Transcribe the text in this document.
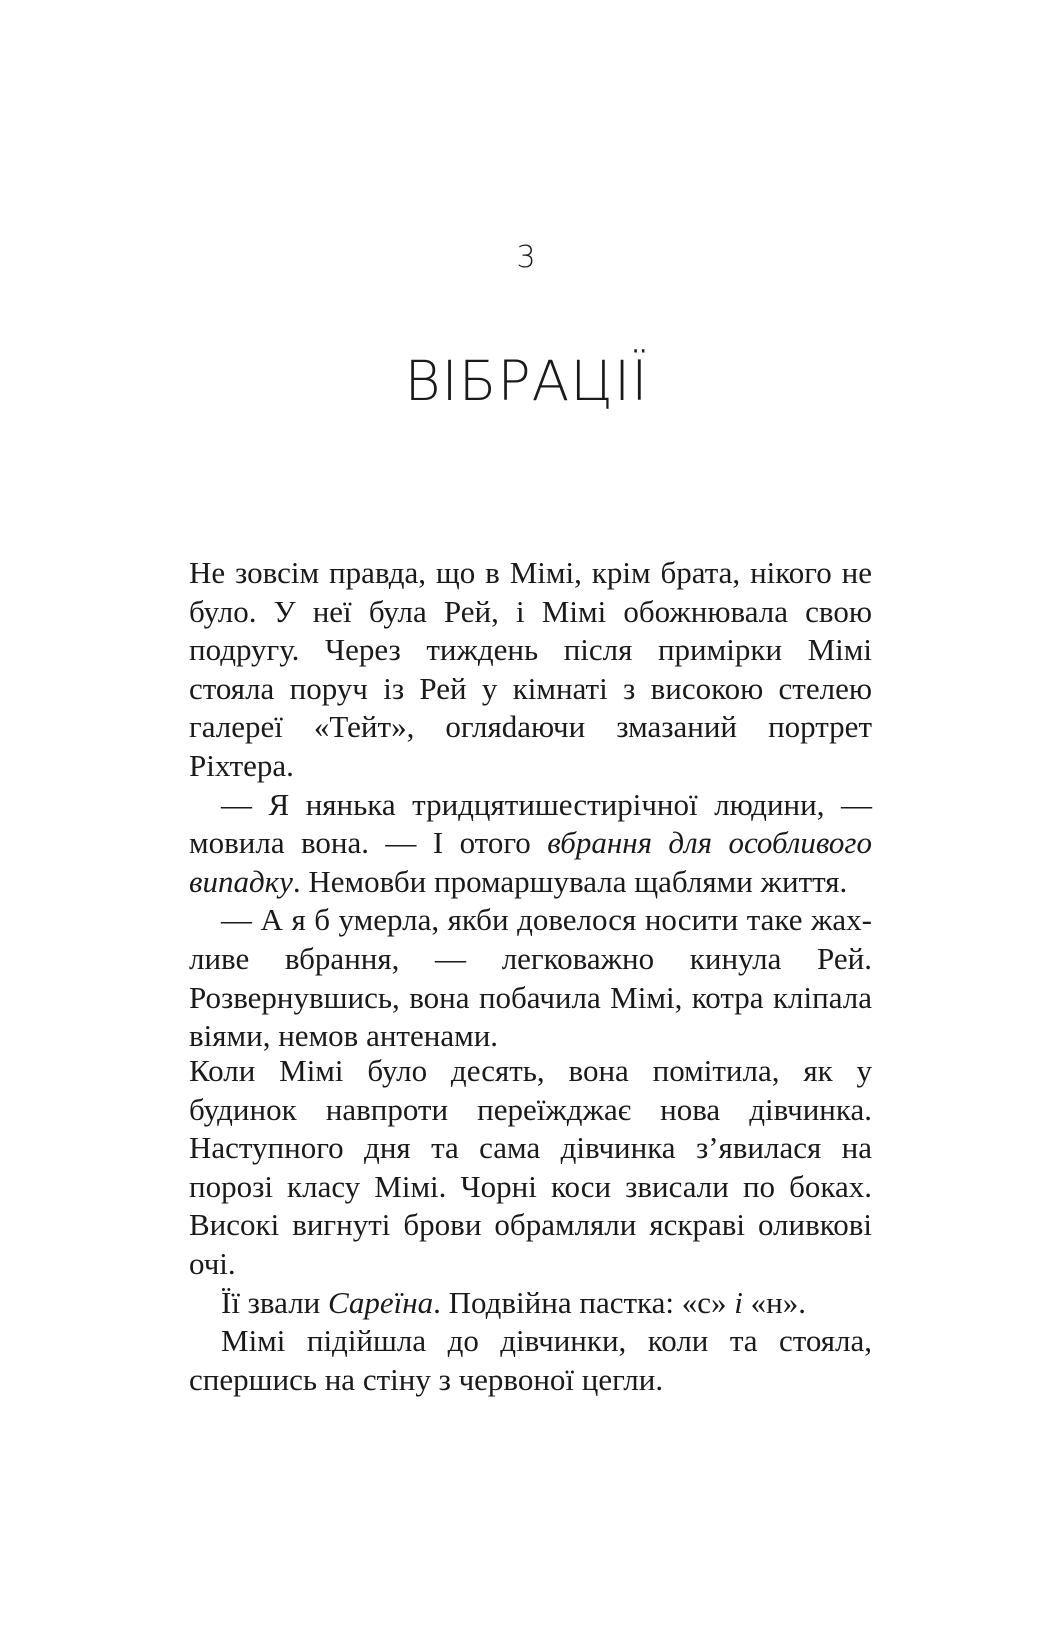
3
ВІБРАЦІЇ

Не зовсім правда, що в Мімі, крім брата, нікого не було. У неї була Рей, і Мімі обожнювала свою подругу. Через тиждень після примірки Мімі стояла поруч із Рей у кімнаті з високою стелею галереї «Тейт», огляdаючи змазаний портрет Ріхтера.

— Я нянька тридцятишестирічної людини, — мовила вона. — І отого вбрання для особливого випадку. Немовби промаршувала щаблями життя.

— А я б умерла, якби довелося носити таке жахливе вбрання, — легковажно кинула Рей. Розвернувшись, вона побачила Мімі, котра кліпала віями, немов антенами.

Коли Мімі було десять, вона помітила, як у будинок навпроти переїжджає нова дівчинка. Наступного дня та сама дівчинка з’явилася на порозі класу Мімі. Чорні коси звисали по боках. Високі вигнуті брови обрамляли яскраві оливкові очі.

Її звали Сареїна. Подвійна пастка: «с» і «н».

Мімі підійшла до дівчинки, коли та стояла, спершись на стіну з червоної цегли.
